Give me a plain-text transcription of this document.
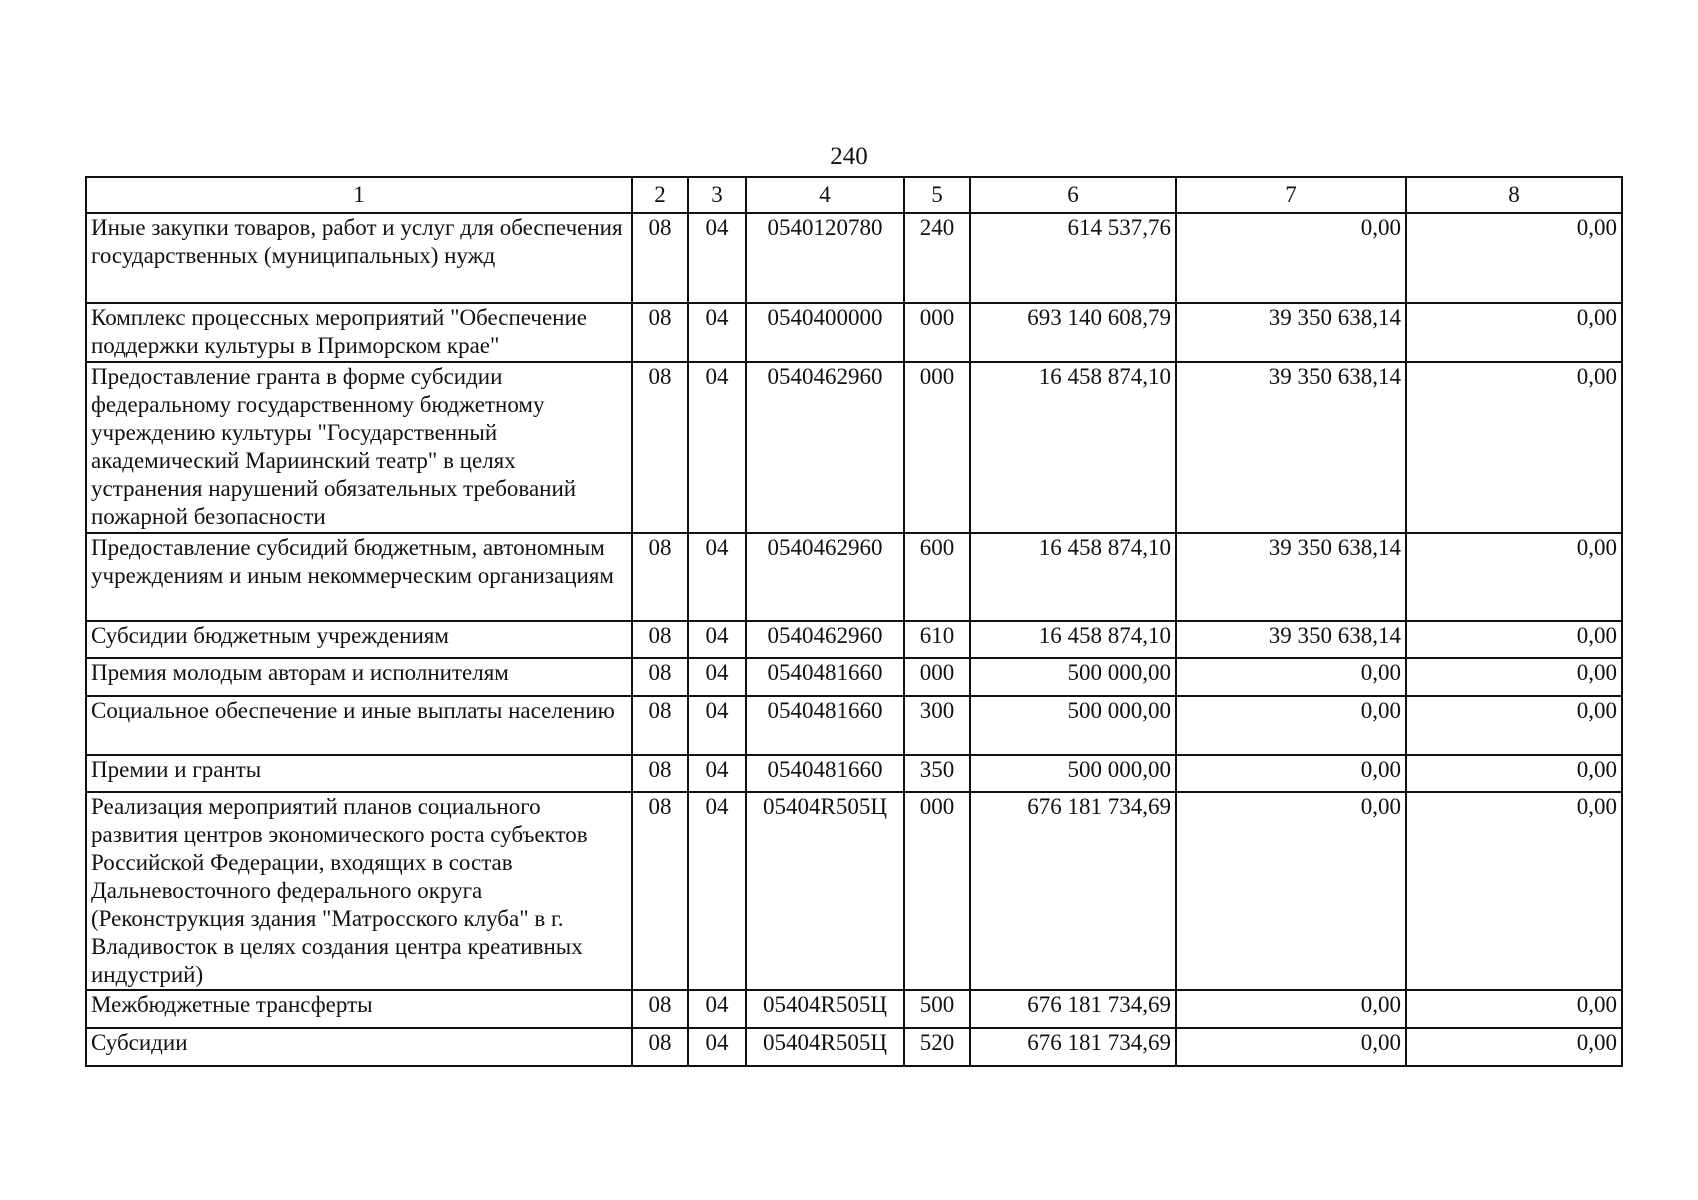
240
1	2	3	4	5	6	7	8
Иные закупки товаров, работ и услуг для обеспечения государственных (муниципальных) нужд	08	04	0540120780	240	614 537,76	0,00	0,00
Комплекс процессных мероприятий "Обеспечение поддержки культуры в Приморском крае"	08	04	0540400000	000	693 140 608,79	39 350 638,14	0,00
Предоставление гранта в форме субсидии федеральному государственному бюджетному учреждению культуры "Государственный академический Мариинский театр" в целях устранения нарушений обязательных требований пожарной безопасности	08	04	0540462960	000	16 458 874,10	39 350 638,14	0,00
Предоставление субсидий бюджетным, автономным учреждениям и иным некоммерческим организациям	08	04	0540462960	600	16 458 874,10	39 350 638,14	0,00
Субсидии бюджетным учреждениям	08	04	0540462960	610	16 458 874,10	39 350 638,14	0,00
Премия молодым авторам и исполнителям	08	04	0540481660	000	500 000,00	0,00	0,00
Социальное обеспечение и иные выплаты населению	08	04	0540481660	300	500 000,00	0,00	0,00
Премии и гранты	08	04	0540481660	350	500 000,00	0,00	0,00
Реализация мероприятий планов социального развития центров экономического роста субъектов Российской Федерации, входящих в состав Дальневосточного федерального округа (Реконструкция здания "Матросского клуба" в г. Владивосток в целях создания центра креативных индустрий)	08	04	05404R505Ц	000	676 181 734,69	0,00	0,00
Межбюджетные трансферты	08	04	05404R505Ц	500	676 181 734,69	0,00	0,00
Субсидии	08	04	05404R505Ц	520	676 181 734,69	0,00	0,00
